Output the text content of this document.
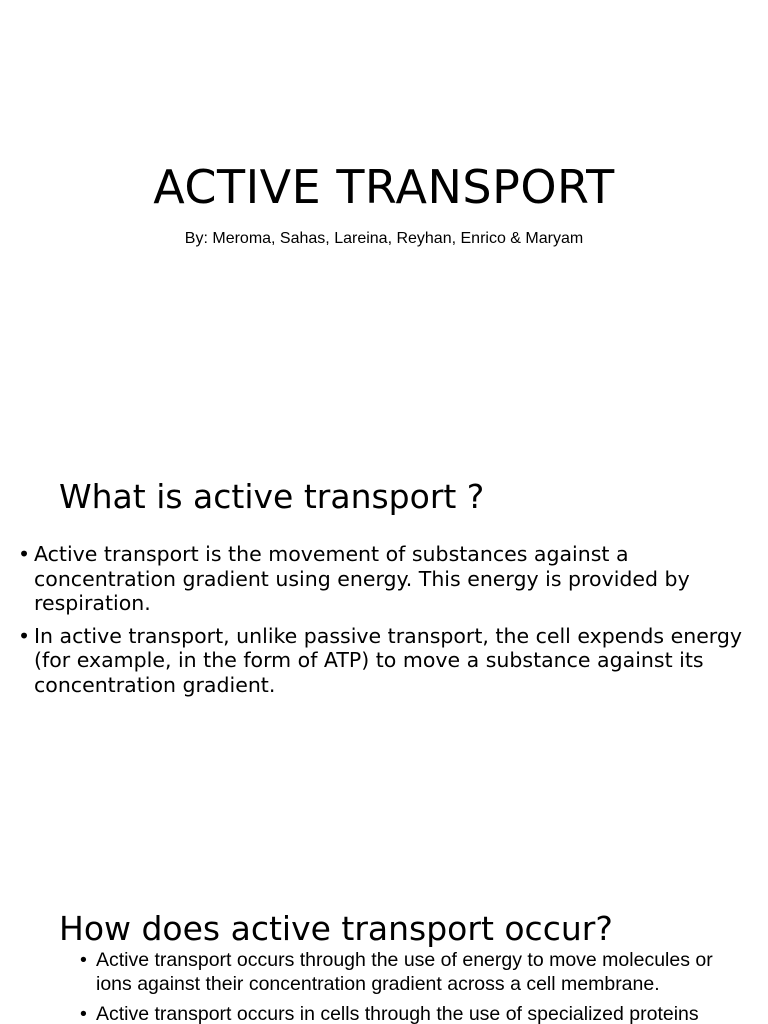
ACTIVE TRANSPORT

By: Meroma, Sahas, Lareina, Reyhan, Enrico & Maryam

What is active transport ?
• Active transport is the movement of substances against a concentration gradient using energy. This energy is provided by respiration.
• In active transport, unlike passive transport, the cell expends energy (for example, in the form of ATP) to move a substance against its concentration gradient.
How does active transport occur?
• Active transport occurs through the use of energy to move molecules or ions against their concentration gradient across a cell membrane.
• Active transport occurs in cells through the use of specialized proteins
